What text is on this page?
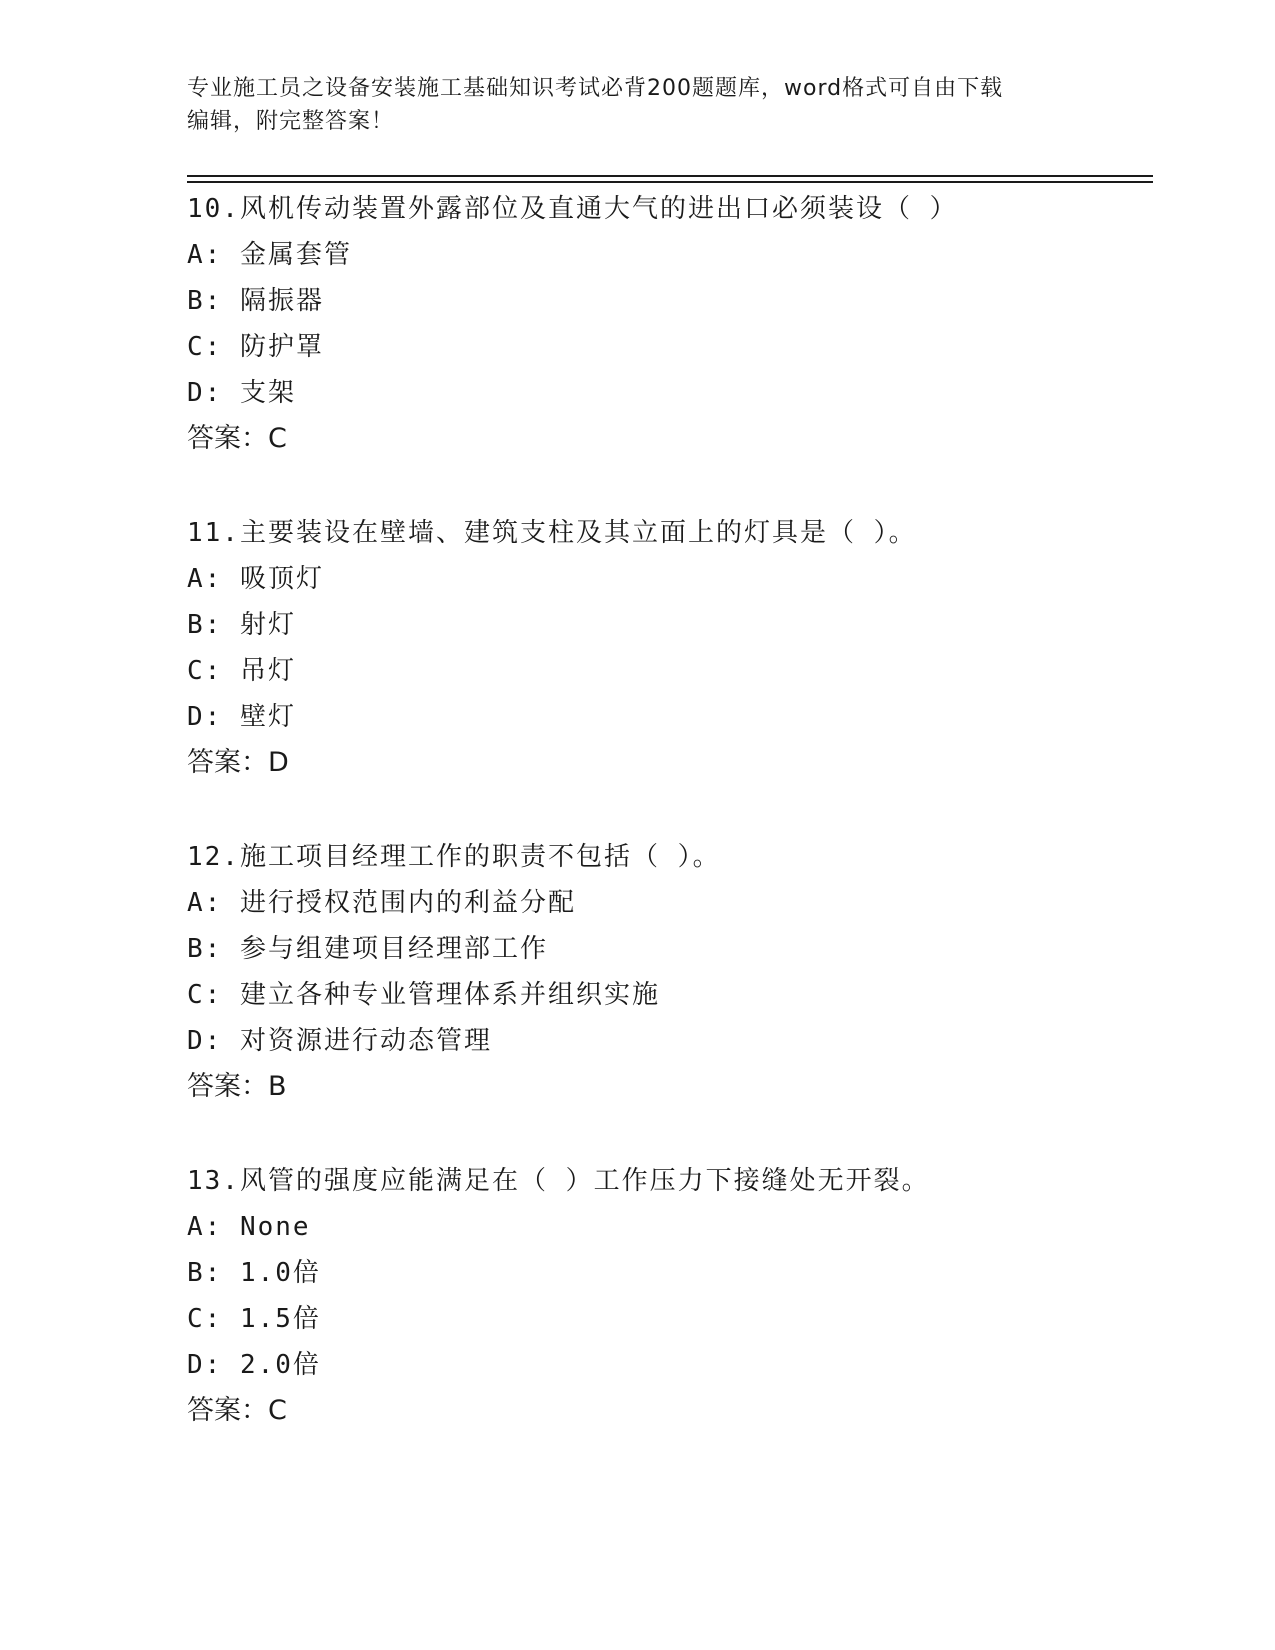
专业施工员之设备安装施工基础知识考试必背200题题库，word格式可自由下载
编辑，附完整答案！
10.风机传动装置外露部位及直通大气的进出口必须装设（ ）
A: 金属套管
B: 隔振器
C: 防护罩
D: 支架
答案：C
11.主要装设在壁墙、建筑支柱及其立面上的灯具是（ ）。
A: 吸顶灯
B: 射灯
C: 吊灯
D: 壁灯
答案：D
12.施工项目经理工作的职责不包括（ ）。
A: 进行授权范围内的利益分配
B: 参与组建项目经理部工作
C: 建立各种专业管理体系并组织实施
D: 对资源进行动态管理
答案：B
13.风管的强度应能满足在（ ）工作压力下接缝处无开裂。
A: None
B: 1.0倍
C: 1.5倍
D: 2.0倍
答案：C
